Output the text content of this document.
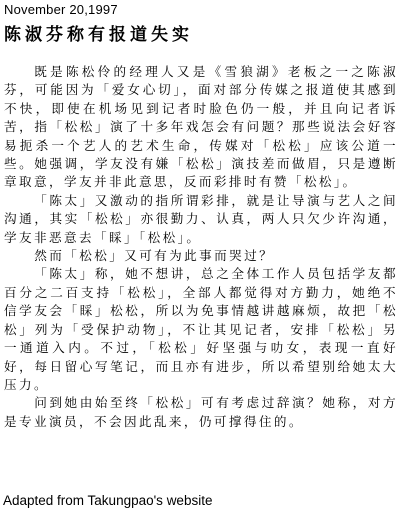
November 20,1997
陈淑芬称有报道失实

既是陈松伶的经理人又是《雪狼湖》老板之一之陈淑芬，可能因为「爱女心切」，面对部分传媒之报道使其感到不快，即使在机场见到记者时脸色仍一般，并且向记者诉苦，指「松松」演了十多年戏怎会有问题？那些说法会好容易扼杀一个艺人的艺术生命，传媒对「松松」应该公道一些。她强调，学友没有嫌「松松」演技差而做眉，只是遵断章取意，学友并非此意思，反而彩排时有赞「松松」。

「陈太」又激动的指所谓彩排，就是让导演与艺人之间沟通，其实「松松」亦很勤力、认真，两人只欠少许沟通，学友非恶意去「睬」「松松」。

然而「松松」又可有为此事而哭过？

「陈太」称，她不想讲，总之全体工作人员包括学友都百分之二百支持「松松」，全部人都觉得对方勤力，她绝不信学友会「睬」松松，所以为免事情越讲越麻烦，故把「松松」列为「受保护动物」，不让其见记者，安排「松松」另一通道入内。不过，「松松」好坚强与叻女，表现一直好好，每日留心写笔记，而且亦有进步，所以希望别给她太大压力。

问到她由始至终「松松」可有考虑过辞演？她称，对方是专业演员，不会因此乱来，仍可撑得住的。

Adapted from Takungpao's website
